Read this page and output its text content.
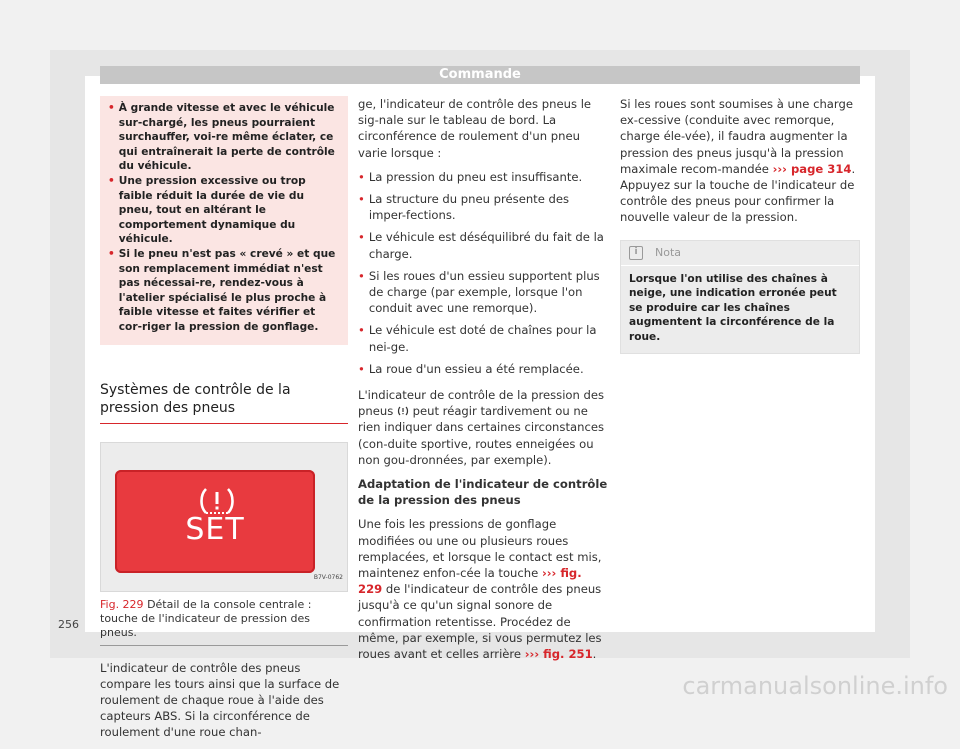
Commande
• À grande vitesse et avec le véhicule sur-chargé, les pneus pourraient surchauffer, voi-re même éclater, ce qui entraînerait la perte de contrôle du véhicule.
• Une pression excessive ou trop faible réduit la durée de vie du pneu, tout en altérant le comportement dynamique du véhicule.
• Si le pneu n'est pas « crevé » et que son remplacement immédiat n'est pas nécessai-re, rendez-vous à l'atelier spécialisé le plus proche à faible vitesse et faites vérifier et cor-riger la pression de gonflage.
Systèmes de contrôle de la pression des pneus
SET
B7V-0762
Fig. 229 Détail de la console centrale : touche de l'indicateur de pression des pneus.

L'indicateur de contrôle des pneus compare les tours ainsi que la surface de roulement de chaque roue à l'aide des capteurs ABS. Si la circonférence de roulement d'une roue chan-

ge, l'indicateur de contrôle des pneus le sig-nale sur le tableau de bord. La circonférence de roulement d'un pneu varie lorsque :

• La pression du pneu est insuffisante.
• La structure du pneu présente des imper-fections.
• Le véhicule est déséquilibré du fait de la charge.
• Si les roues d'un essieu supportent plus de charge (par exemple, lorsque l'on conduit avec une remorque).
• Le véhicule est doté de chaînes pour la nei-ge.
• La roue d'un essieu a été remplacée.

L'indicateur de contrôle de la pression des pneus peut réagir tardivement ou ne rien indiquer dans certaines circonstances (con-duite sportive, routes enneigées ou non gou-dronnées, par exemple).

Adaptation de l'indicateur de contrôle de la pression des pneus

Une fois les pressions de gonflage modifiées ou une ou plusieurs roues remplacées, et lorsque le contact est mis, maintenez enfon-cée la touche ››› fig. 229 de l'indicateur de contrôle des pneus jusqu'à ce qu'un signal sonore de confirmation retentisse. Procédez de même, par exemple, si vous permutez les roues avant et celles arrière ››› fig. 251.

Si les roues sont soumises à une charge ex-cessive (conduite avec remorque, charge éle-vée), il faudra augmenter la pression des pneus jusqu'à la pression maximale recom-mandée ››› page 314. Appuyez sur la touche de l'indicateur de contrôle des pneus pour confirmer la nouvelle valeur de la pression.

i	Nota
Lorsque l'on utilise des chaînes à neige, une indication erronée peut se produire car les chaînes augmentent la circonférence de la roue.
256
carmanualsonline.info
